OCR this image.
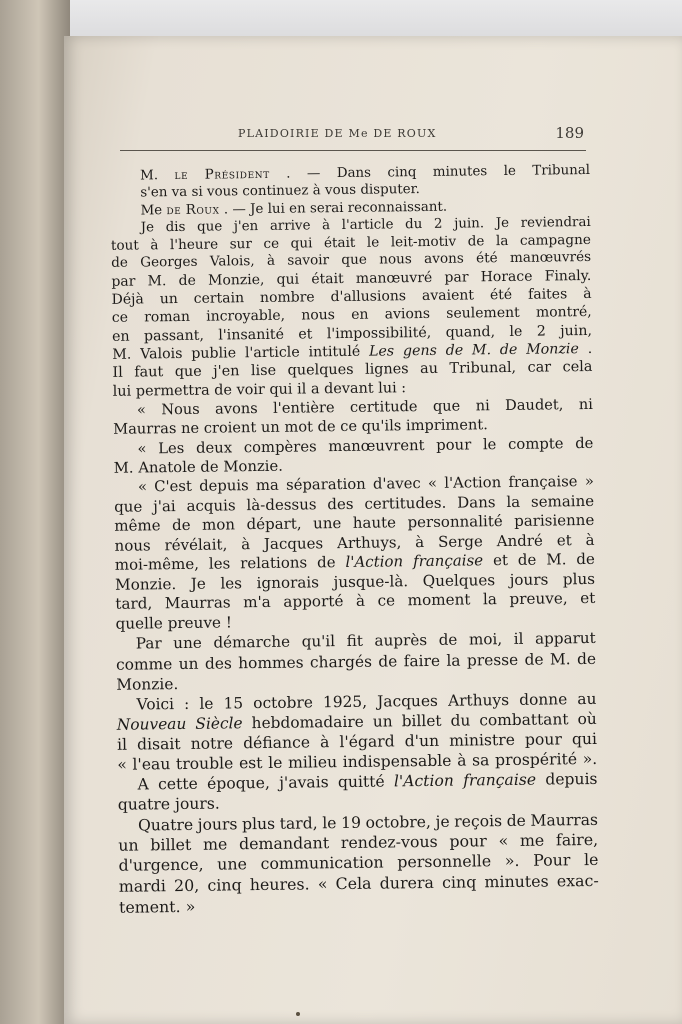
PLAIDOIRIE DE Me DE ROUX	189
M. le Président . — Dans cinq minutes le Tribunal
s'en va si vous continuez à vous disputer.
Me de Roux . — Je lui en serai reconnaissant.
Je dis que j'en arrive à l'article du 2 juin. Je reviendrai
tout à l'heure sur ce qui était le leit-motiv de la campagne
de Georges Valois, à savoir que nous avons été manœuvrés
par M. de Monzie, qui était manœuvré par Horace Finaly.
Déjà un certain nombre d'allusions avaient été faites à
ce roman incroyable, nous en avions seulement montré,
en passant, l'insanité et l'impossibilité, quand, le 2 juin,
M. Valois publie l'article intitulé Les gens de M. de Monzie .
Il faut que j'en lise quelques lignes au Tribunal, car cela
lui permettra de voir qui il a devant lui :
« Nous avons l'entière certitude que ni Daudet, ni
Maurras ne croient un mot de ce qu'ils impriment.
« Les deux compères manœuvrent pour le compte de
M. Anatole de Monzie.
« C'est depuis ma séparation d'avec « l'Action française »
que j'ai acquis là-dessus des certitudes. Dans la semaine
même de mon départ, une haute personnalité parisienne
nous révélait, à Jacques Arthuys, à Serge André et à
moi-même, les relations de l'Action française et de M. de
Monzie. Je les ignorais jusque-là. Quelques jours plus
tard, Maurras m'a apporté à ce moment la preuve, et
quelle preuve !
Par une démarche qu'il fit auprès de moi, il apparut
comme un des hommes chargés de faire la presse de M. de
Monzie.
Voici : le 15 octobre 1925, Jacques Arthuys donne au
Nouveau Siècle hebdomadaire un billet du combattant où
il disait notre défiance à l'égard d'un ministre pour qui
« l'eau trouble est le milieu indispensable à sa prospérité ».
A cette époque, j'avais quitté l'Action française depuis
quatre jours.
Quatre jours plus tard, le 19 octobre, je reçois de Maurras
un billet me demandant rendez-vous pour « me faire,
d'urgence, une communication personnelle ». Pour le
mardi 20, cinq heures. « Cela durera cinq minutes exac-
tement. »
